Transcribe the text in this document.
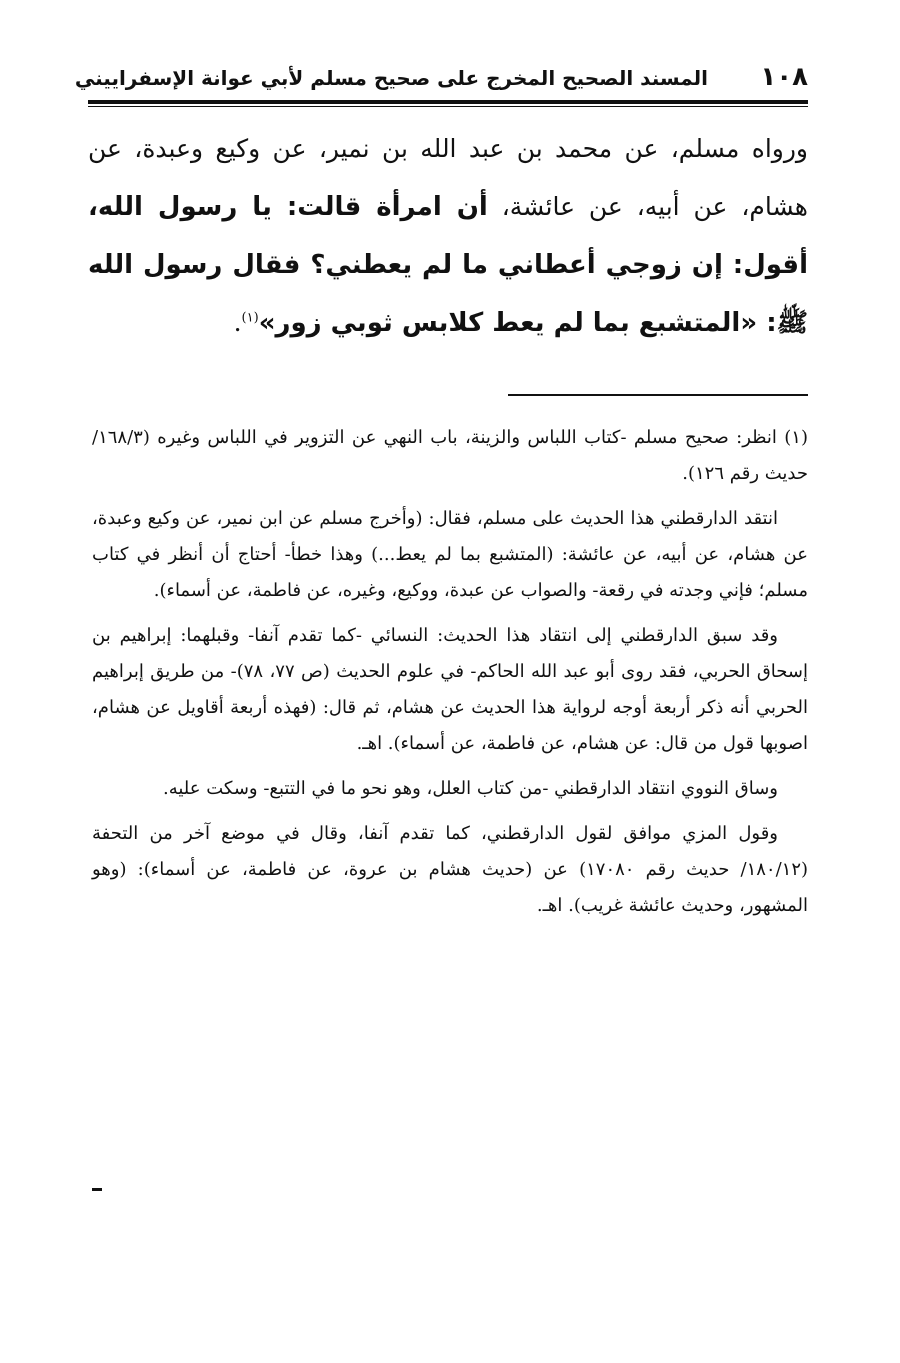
١٠٨
المسند الصحيح المخرج على صحيح مسلم لأبي عوانة الإسفراييني

ورواه مسلم، عن محمد بن عبد الله بن نمير، عن وكيع وعبدة، عن هشام، عن أبيه، عن عائشة، أن امرأة قالت: يا رسول الله، أقول: إن زوجي أعطاني ما لم يعطني؟ فقال رسول الله ﷺ: «المتشبع بما لم يعط كلابس ثوبي زور»$^{(١)}$.

(١) انظر: صحيح مسلم -كتاب اللباس والزينة، باب النهي عن التزوير في اللباس وغيره (١٦٨/٣/ حديث رقم ١٢٦).

انتقد الدارقطني هذا الحديث على مسلم، فقال: (وأخرج مسلم عن ابن نمير، عن وكيع وعبدة، عن هشام، عن أبيه، عن عائشة: (المتشبع بما لم يعط...) وهذا خطأ- أحتاج أن أنظر في كتاب مسلم؛ فإني وجدته في رقعة- والصواب عن عبدة، ووكيع، وغيره، عن فاطمة، عن أسماء).

وقد سبق الدارقطني إلى انتقاد هذا الحديث: النسائي -كما تقدم آنفا- وقبلهما: إبراهيم بن إسحاق الحربي، فقد روى أبو عبد الله الحاكم- في علوم الحديث (ص ٧٧، ٧٨)- من طريق إبراهيم الحربي أنه ذكر أربعة أوجه لرواية هذا الحديث عن هشام، ثم قال: (فهذه أربعة أقاويل عن هشام، اصوبها قول من قال: عن هشام، عن فاطمة، عن أسماء). اهـ.

وساق النووي انتقاد الدارقطني -من كتاب العلل، وهو نحو ما في التتبع- وسكت عليه.

وقول المزي موافق لقول الدارقطني، كما تقدم آنفا، وقال في موضع آخر من التحفة (١٨٠/١٢/ حديث رقم ١٧٠٨٠) عن (حديث هشام بن عروة، عن فاطمة، عن أسماء): (وهو المشهور، وحديث عائشة غريب). اهـ.
